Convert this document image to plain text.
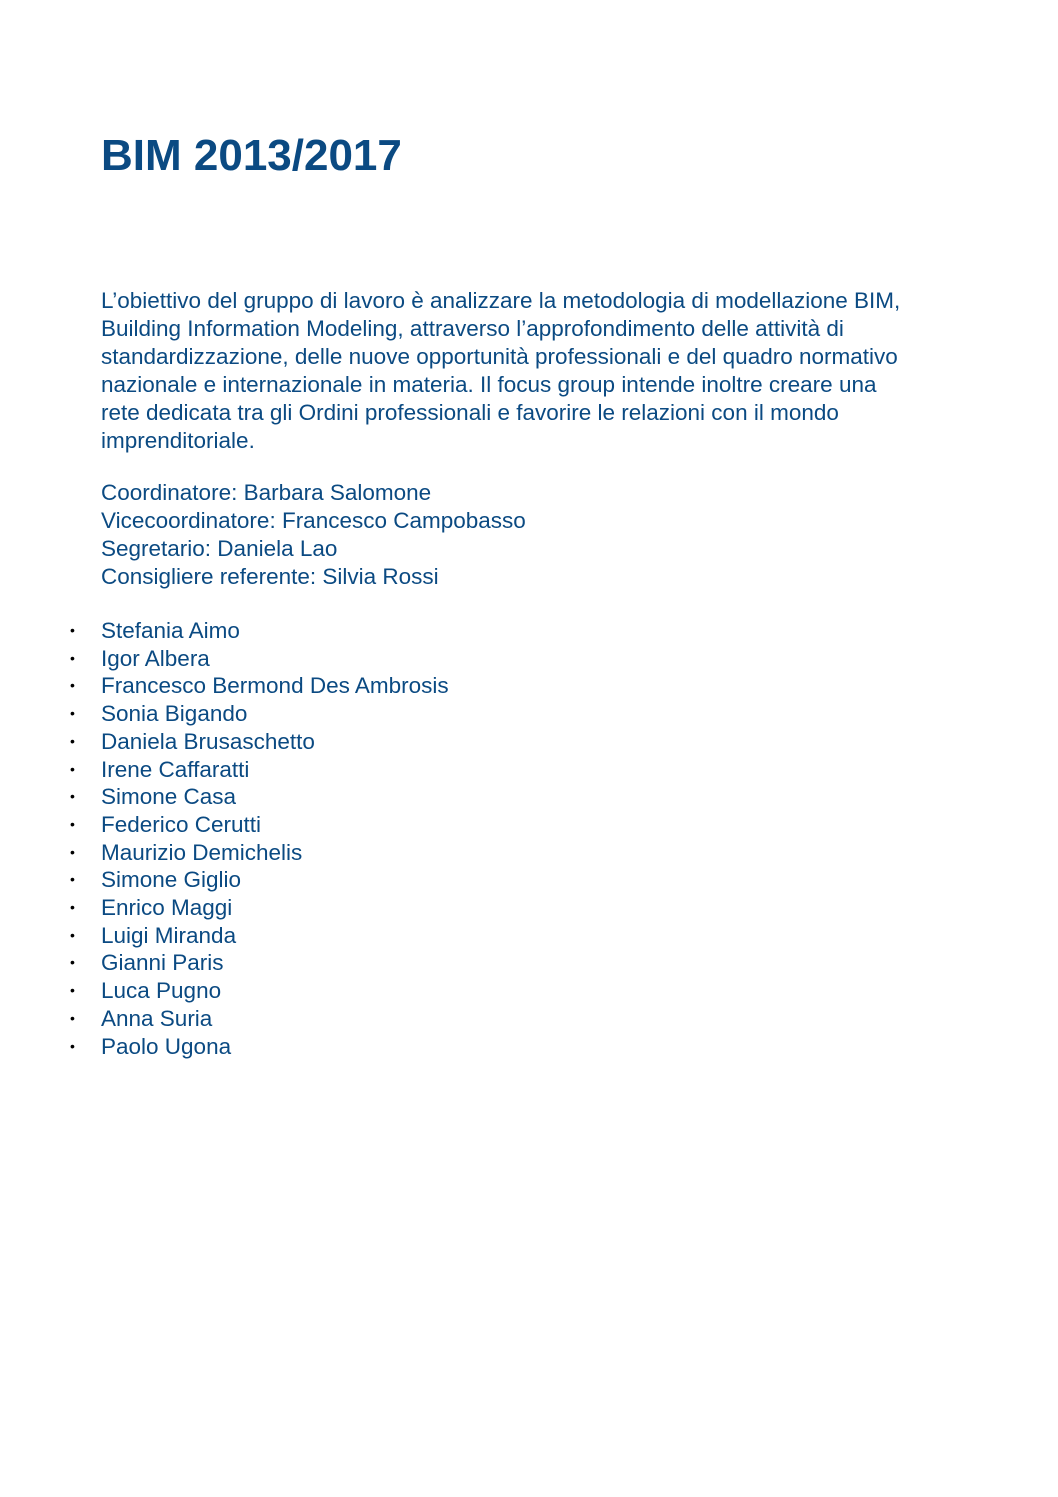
BIM 2013/2017

L’obiettivo del gruppo di lavoro è analizzare la metodologia di modellazione BIM,
Building Information Modeling, attraverso l’approfondimento delle attività di
standardizzazione, delle nuove opportunità professionali e del quadro normativo
nazionale e internazionale in materia. Il focus group intende inoltre creare una
rete dedicata tra gli Ordini professionali e favorire le relazioni con il mondo
imprenditoriale.

Coordinatore: Barbara Salomone
Vicecoordinatore: Francesco Campobasso
Segretario: Daniela Lao
Consigliere referente: Silvia Rossi
• Stefania Aimo
• Igor Albera
• Francesco Bermond Des Ambrosis
• Sonia Bigando
• Daniela Brusaschetto
• Irene Caffaratti
• Simone Casa
• Federico Cerutti
• Maurizio Demichelis
• Simone Giglio
• Enrico Maggi
• Luigi Miranda
• Gianni Paris
• Luca Pugno
• Anna Suria
• Paolo Ugona
